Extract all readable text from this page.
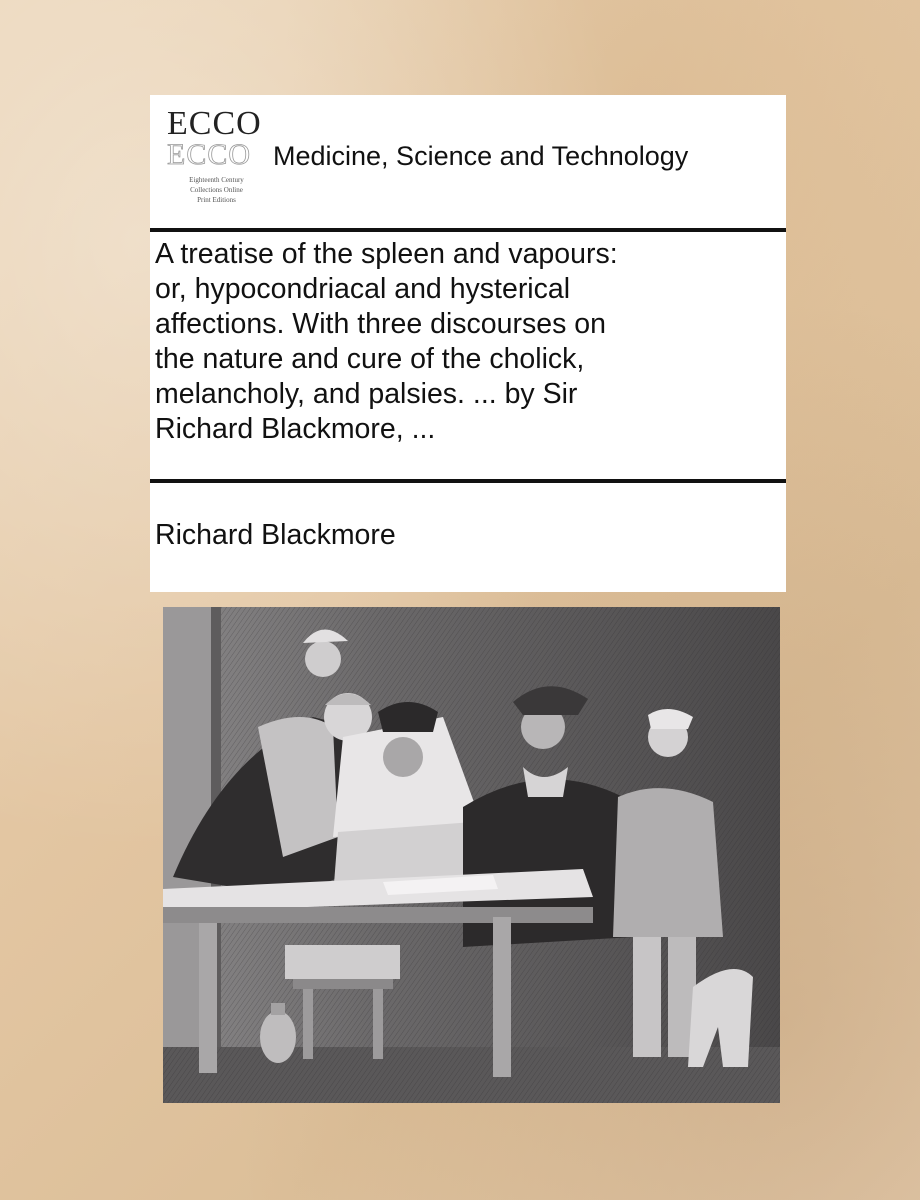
ECCO
ECCO
Eighteenth Century
Collections Online
Print Editions
Medicine, Science and Technology
A treatise of the spleen and vapours:
or, hypocondriacal and hysterical
affections. With three discourses on
the nature and cure of the cholick,
melancholy, and palsies. ... by Sir
Richard Blackmore, ...
Richard Blackmore
